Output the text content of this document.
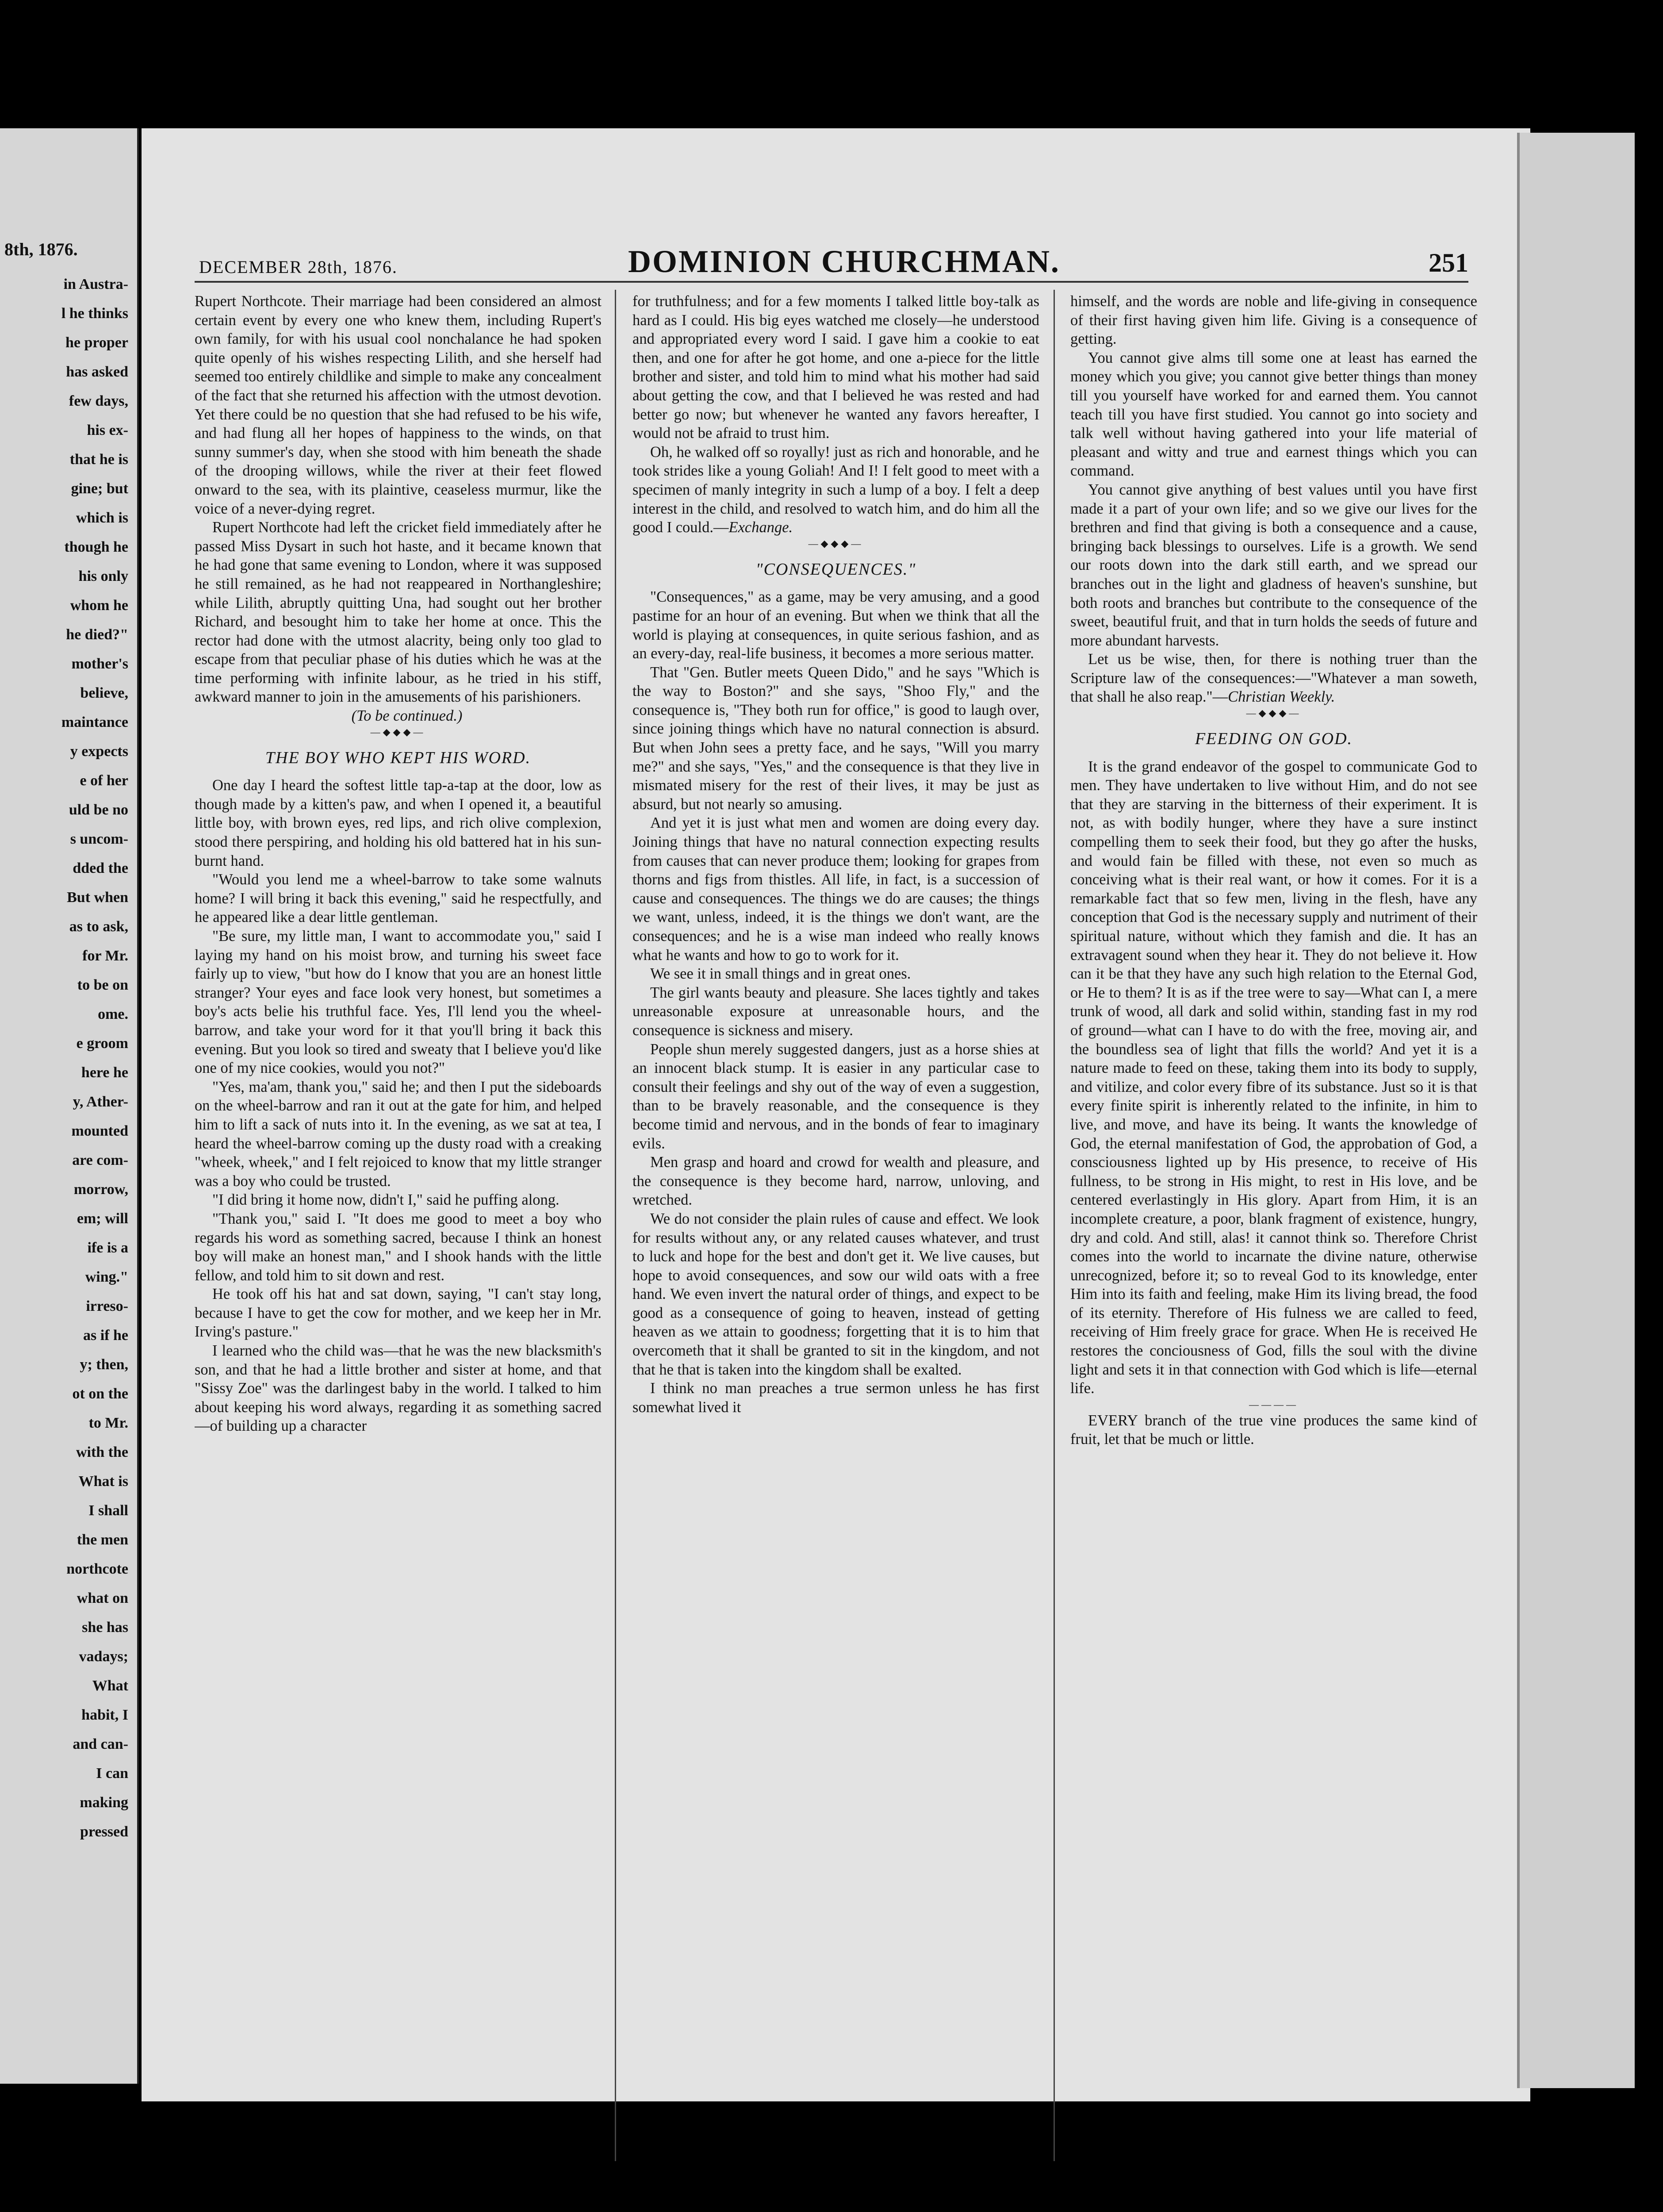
8th, 1876.
in Austra-
l he thinks
he proper
has asked
few days,
his ex-
that he is
gine; but
which is
though he
his only
whom he
he died?"
mother's
believe,
maintance
y expects
e of her
uld be no
s uncom-
dded the
But when
as to ask,
for Mr.
to be on
ome.
e groom
here he
y, Ather-
mounted
are com-
morrow,
em; will
ife is a
wing."
irreso-
as if he
y; then,
ot on the
to Mr.
with the
What is
I shall
the men
northcote
what on
she has
vadays;
What
habit, I
and can-
I can
making
pressed
DECEMBER 28th, 1876.	DOMINION CHURCHMAN.	251

Rupert Northcote. Their marriage had been considered an almost certain event by every one who knew them, including Rupert's own family, for with his usual cool nonchalance he had spoken quite openly of his wishes respecting Lilith, and she herself had seemed too entirely childlike and simple to make any concealment of the fact that she returned his affection with the utmost devotion. Yet there could be no question that she had refused to be his wife, and had flung all her hopes of happiness to the winds, on that sunny summer's day, when she stood with him beneath the shade of the drooping willows, while the river at their feet flowed onward to the sea, with its plaintive, ceaseless murmur, like the voice of a never-dying regret.

Rupert Northcote had left the cricket field immediately after he passed Miss Dysart in such hot haste, and it became known that he had gone that same evening to London, where it was supposed he still remained, as he had not reappeared in Northangleshire; while Lilith, abruptly quitting Una, had sought out her brother Richard, and besought him to take her home at once. This the rector had done with the utmost alacrity, being only too glad to escape from that peculiar phase of his duties which he was at the time performing with infinite labour, as he tried in his stiff, awkward manner to join in the amusements of his parishioners.

(To be continued.)

—◆◆◆—
THE BOY WHO KEPT HIS WORD.

One day I heard the softest little tap-a-tap at the door, low as though made by a kitten's paw, and when I opened it, a beautiful little boy, with brown eyes, red lips, and rich olive complexion, stood there perspiring, and holding his old battered hat in his sun-burnt hand.

"Would you lend me a wheel-barrow to take some walnuts home? I will bring it back this evening," said he respectfully, and he appeared like a dear little gentleman.

"Be sure, my little man, I want to accommodate you," said I laying my hand on his moist brow, and turning his sweet face fairly up to view, "but how do I know that you are an honest little stranger? Your eyes and face look very honest, but sometimes a boy's acts belie his truthful face. Yes, I'll lend you the wheel-barrow, and take your word for it that you'll bring it back this evening. But you look so tired and sweaty that I believe you'd like one of my nice cookies, would you not?"

"Yes, ma'am, thank you," said he; and then I put the sideboards on the wheel-barrow and ran it out at the gate for him, and helped him to lift a sack of nuts into it. In the evening, as we sat at tea, I heard the wheel-barrow coming up the dusty road with a creaking "wheek, wheek," and I felt rejoiced to know that my little stranger was a boy who could be trusted.

"I did bring it home now, didn't I," said he puffing along.

"Thank you," said I. "It does me good to meet a boy who regards his word as something sacred, because I think an honest boy will make an honest man," and I shook hands with the little fellow, and told him to sit down and rest.

He took off his hat and sat down, saying, "I can't stay long, because I have to get the cow for mother, and we keep her in Mr. Irving's pasture."

I learned who the child was—that he was the new blacksmith's son, and that he had a little brother and sister at home, and that "Sissy Zoe" was the darlingest baby in the world. I talked to him about keeping his word always, regarding it as something sacred—of building up a character

for truthfulness; and for a few moments I talked little boy-talk as hard as I could. His big eyes watched me closely—he understood and appropriated every word I said. I gave him a cookie to eat then, and one for after he got home, and one a-piece for the little brother and sister, and told him to mind what his mother had said about getting the cow, and that I believed he was rested and had better go now; but whenever he wanted any favors hereafter, I would not be afraid to trust him.

Oh, he walked off so royally! just as rich and honorable, and he took strides like a young Goliah! And I! I felt good to meet with a specimen of manly integrity in such a lump of a boy. I felt a deep interest in the child, and resolved to watch him, and do him all the good I could.—Exchange.

—◆◆◆—
"CONSEQUENCES."

"Consequences," as a game, may be very amusing, and a good pastime for an hour of an evening. But when we think that all the world is playing at consequences, in quite serious fashion, and as an every-day, real-life business, it becomes a more serious matter.

That "Gen. Butler meets Queen Dido," and he says "Which is the way to Boston?" and she says, "Shoo Fly," and the consequence is, "They both run for office," is good to laugh over, since joining things which have no natural connection is absurd. But when John sees a pretty face, and he says, "Will you marry me?" and she says, "Yes," and the consequence is that they live in mismated misery for the rest of their lives, it may be just as absurd, but not nearly so amusing.

And yet it is just what men and women are doing every day. Joining things that have no natural connection expecting results from causes that can never produce them; looking for grapes from thorns and figs from thistles. All life, in fact, is a succession of cause and consequences. The things we do are causes; the things we want, unless, indeed, it is the things we don't want, are the consequences; and he is a wise man indeed who really knows what he wants and how to go to work for it.

We see it in small things and in great ones.

The girl wants beauty and pleasure. She laces tightly and takes unreasonable exposure at unreasonable hours, and the consequence is sickness and misery.

People shun merely suggested dangers, just as a horse shies at an innocent black stump. It is easier in any particular case to consult their feelings and shy out of the way of even a suggestion, than to be bravely reasonable, and the consequence is they become timid and nervous, and in the bonds of fear to imaginary evils.

Men grasp and hoard and crowd for wealth and pleasure, and the consequence is they become hard, narrow, unloving, and wretched.

We do not consider the plain rules of cause and effect. We look for results without any, or any related causes whatever, and trust to luck and hope for the best and don't get it. We live causes, but hope to avoid consequences, and sow our wild oats with a free hand. We even invert the natural order of things, and expect to be good as a consequence of going to heaven, instead of getting heaven as we attain to goodness; forgetting that it is to him that overcometh that it shall be granted to sit in the kingdom, and not that he that is taken into the kingdom shall be exalted.

I think no man preaches a true sermon unless he has first somewhat lived it

himself, and the words are noble and life-giving in consequence of their first having given him life. Giving is a consequence of getting.

You cannot give alms till some one at least has earned the money which you give; you cannot give better things than money till you yourself have worked for and earned them. You cannot teach till you have first studied. You cannot go into society and talk well without having gathered into your life material of pleasant and witty and true and earnest things which you can command.

You cannot give anything of best values until you have first made it a part of your own life; and so we give our lives for the brethren and find that giving is both a consequence and a cause, bringing back blessings to ourselves. Life is a growth. We send our roots down into the dark still earth, and we spread our branches out in the light and gladness of heaven's sunshine, but both roots and branches but contribute to the consequence of the sweet, beautiful fruit, and that in turn holds the seeds of future and more abundant harvests.

Let us be wise, then, for there is nothing truer than the Scripture law of the consequences:—"Whatever a man soweth, that shall he also reap."—Christian Weekly.

—◆◆◆—
FEEDING ON GOD.

It is the grand endeavor of the gospel to communicate God to men. They have undertaken to live without Him, and do not see that they are starving in the bitterness of their experiment. It is not, as with bodily hunger, where they have a sure instinct compelling them to seek their food, but they go after the husks, and would fain be filled with these, not even so much as conceiving what is their real want, or how it comes. For it is a remarkable fact that so few men, living in the flesh, have any conception that God is the necessary supply and nutriment of their spiritual nature, without which they famish and die. It has an extravagent sound when they hear it. They do not believe it. How can it be that they have any such high relation to the Eternal God, or He to them? It is as if the tree were to say—What can I, a mere trunk of wood, all dark and solid within, standing fast in my rod of ground—what can I have to do with the free, moving air, and the boundless sea of light that fills the world? And yet it is a nature made to feed on these, taking them into its body to supply, and vitilize, and color every fibre of its substance. Just so it is that every finite spirit is inherently related to the infinite, in him to live, and move, and have its being. It wants the knowledge of God, the eternal manifestation of God, the approbation of God, a consciousness lighted up by His presence, to receive of His fullness, to be strong in His might, to rest in His love, and be centered everlastingly in His glory. Apart from Him, it is an incomplete creature, a poor, blank fragment of existence, hungry, dry and cold. And still, alas! it cannot think so. Therefore Christ comes into the world to incarnate the divine nature, otherwise unrecognized, before it; so to reveal God to its knowledge, enter Him into its faith and feeling, make Him its living bread, the food of its eternity. Therefore of His fulness we are called to feed, receiving of Him freely grace for grace. When He is received He restores the conciousness of God, fills the soul with the divine light and sets it in that connection with God which is life—eternal life.

————

EVERY branch of the true vine produces the same kind of fruit, let that be much or little.
